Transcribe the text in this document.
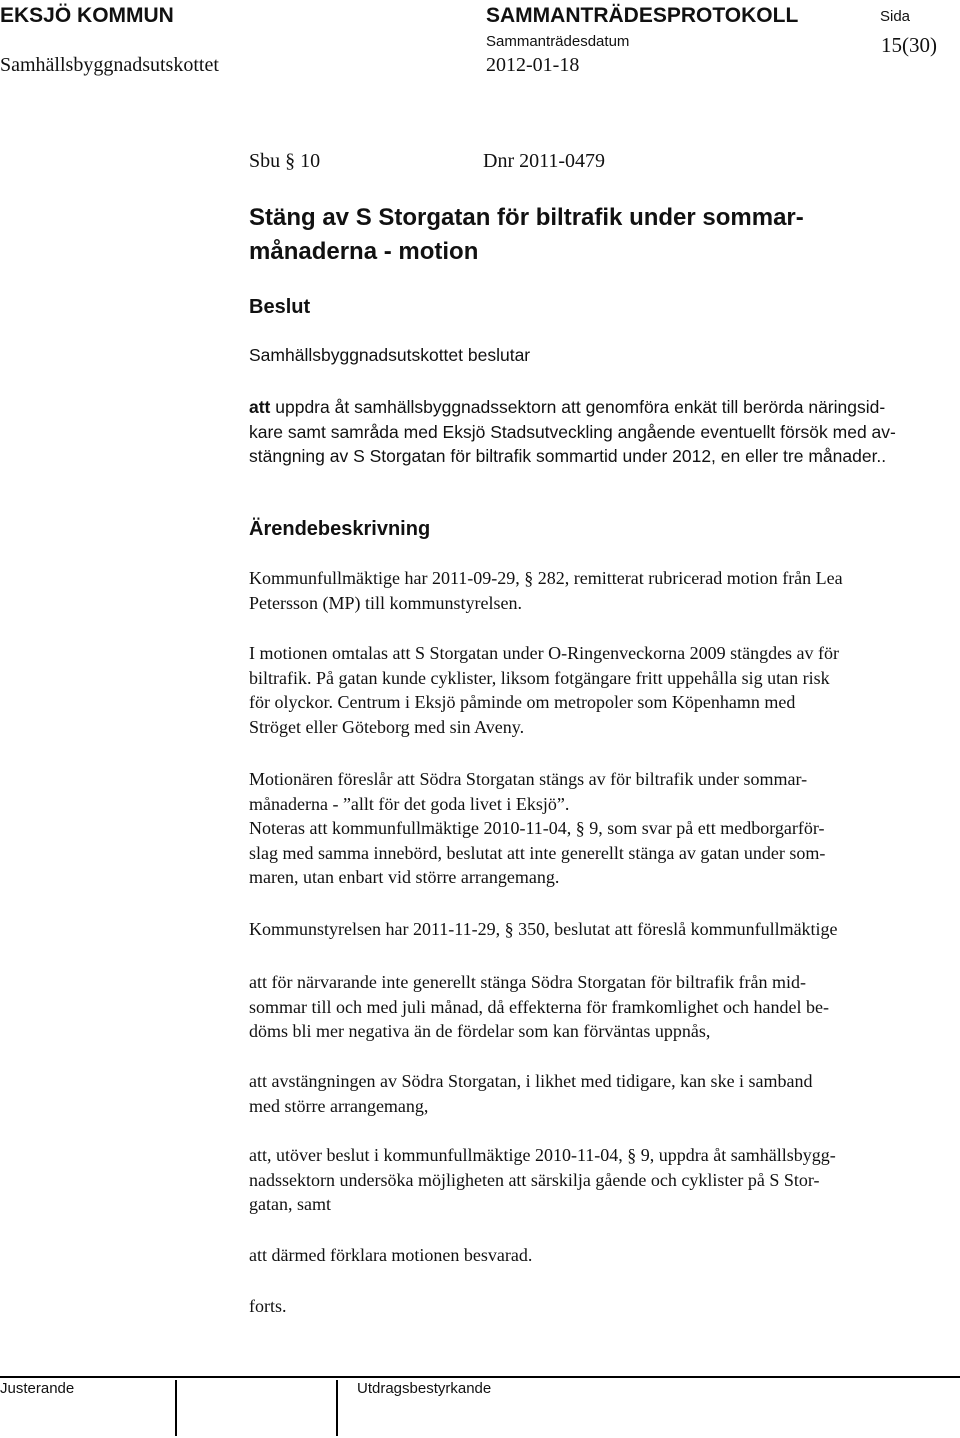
EKSJÖ KOMMUN	SAMMANTRÄDESPROTOKOLL	Sida
Samhällsbyggnadsutskottet
Sammanträdesdatum
2012-01-18
15(30)
Sbu § 10	Dnr 2011-0479
Stäng av S Storgatan för biltrafik under sommar-
månaderna - motion
Beslut
Samhällsbyggnadsutskottet beslutar
att uppdra åt samhällsbyggnadssektorn att genomföra enkät till berörda näringsid-
kare samt samråda med Eksjö Stadsutveckling angående eventuellt försök med av-
stängning av S Storgatan för biltrafik sommartid under 2012, en eller tre månader..
Ärendebeskrivning
Kommunfullmäktige har 2011-09-29, § 282, remitterat rubricerad motion från Lea
Petersson (MP) till kommunstyrelsen.
I motionen omtalas att S Storgatan under O-Ringenveckorna 2009 stängdes av för
biltrafik. På gatan kunde cyklister, liksom fotgängare fritt uppehålla sig utan risk
för olyckor. Centrum i Eksjö påminde om metropoler som Köpenhamn med
Ströget eller Göteborg med sin Aveny.
Motionären föreslår att Södra Storgatan stängs av för biltrafik under sommar-
månaderna - ”allt för det goda livet i Eksjö”.
Noteras att kommunfullmäktige 2010-11-04, § 9, som svar på ett medborgarför-
slag med samma innebörd, beslutat att inte generellt stänga av gatan under som-
maren, utan enbart vid större arrangemang.
Kommunstyrelsen har 2011-11-29, § 350, beslutat att föreslå kommunfullmäktige
att för närvarande inte generellt stänga Södra Storgatan för biltrafik från mid-
sommar till och med juli månad, då effekterna för framkomlighet och handel be-
döms bli mer negativa än de fördelar som kan förväntas uppnås,
att avstängningen av Södra Storgatan, i likhet med tidigare, kan ske i samband
med större arrangemang,
att, utöver beslut i kommunfullmäktige 2010-11-04, § 9, uppdra åt samhällsbygg-
nadssektorn undersöka möjligheten att särskilja gående och cyklister på S Stor-
gatan, samt
att därmed förklara motionen besvarad.
forts.
Justerande	Utdragsbestyrkande
